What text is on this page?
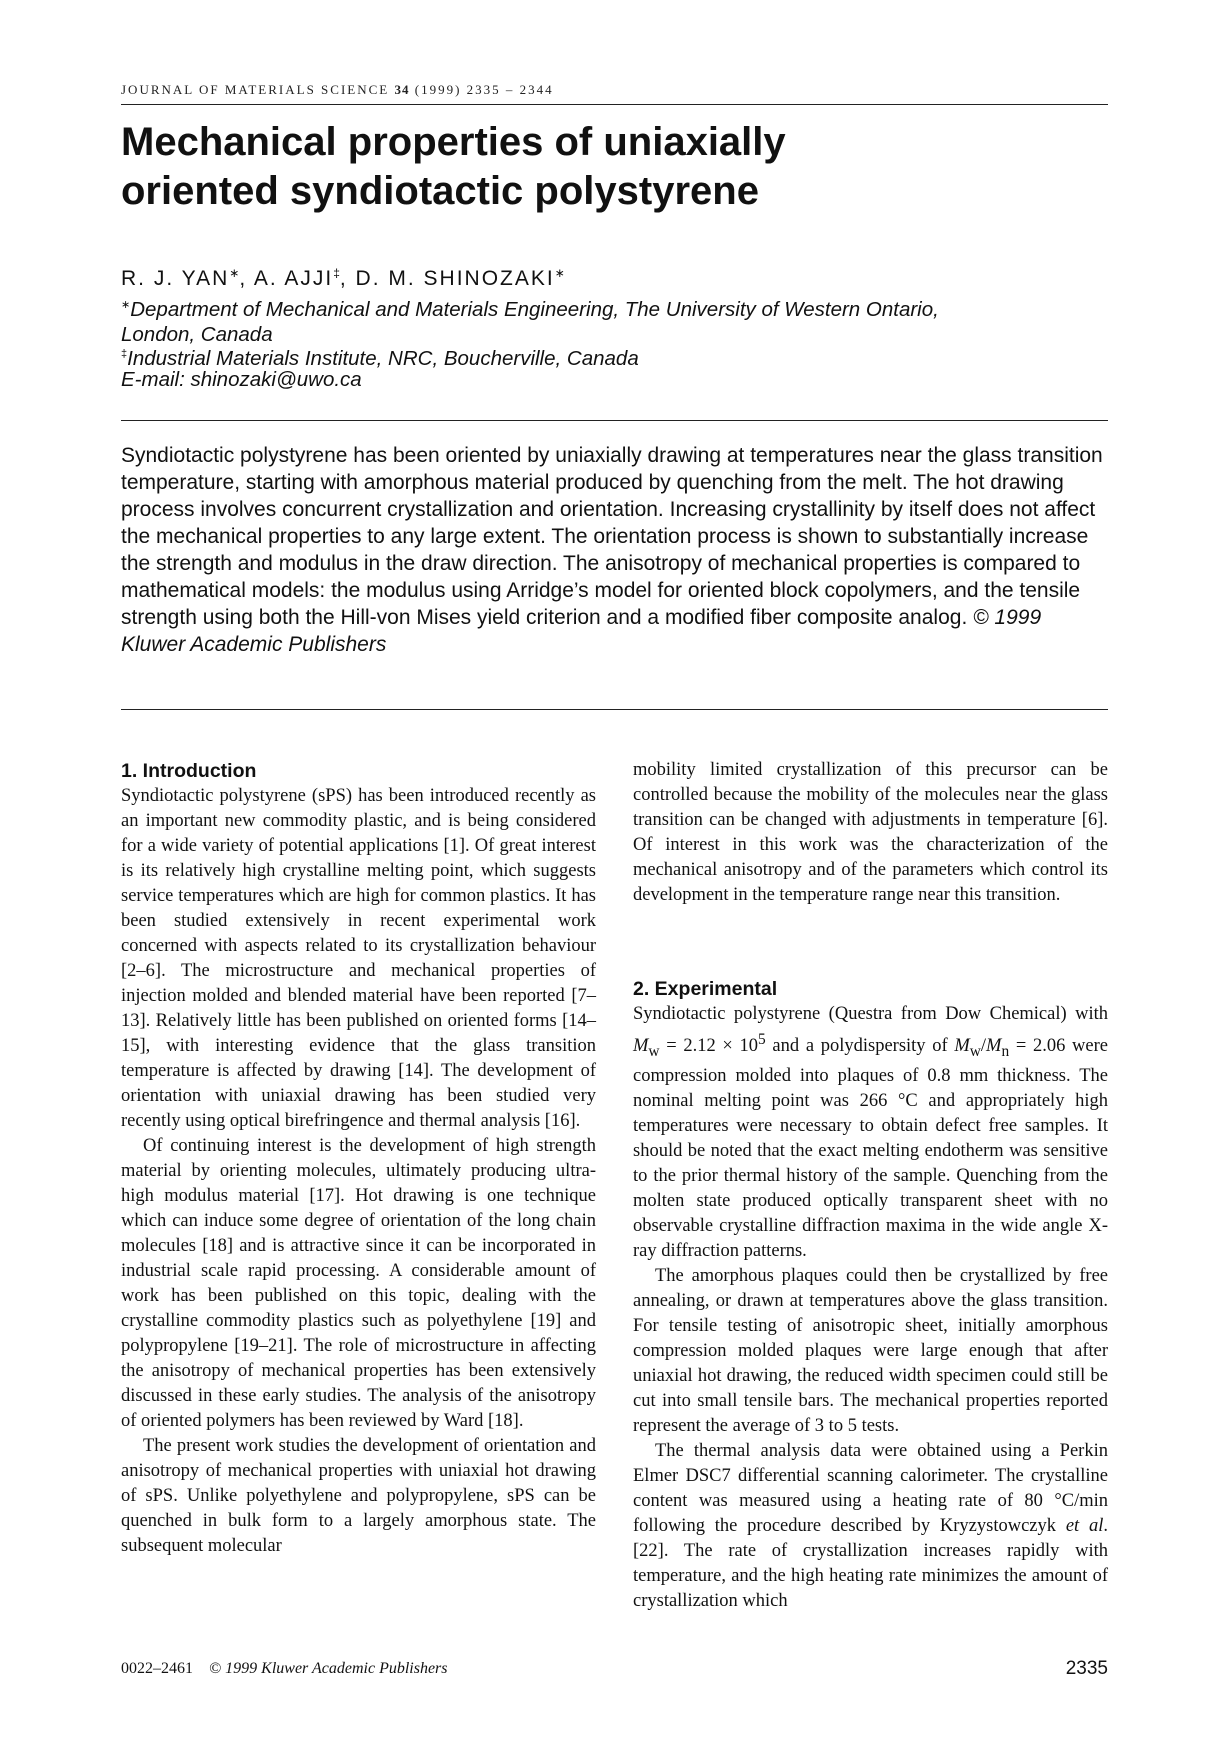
JOURNAL OF MATERIALS SCIENCE 34 (1999) 2335 – 2344
Mechanical properties of uniaxially
oriented syndiotactic polystyrene
R. J. YAN∗, A. AJJI‡, D. M. SHINOZAKI∗
∗Department of Mechanical and Materials Engineering, The University of Western Ontario,
London, Canada
‡Industrial Materials Institute, NRC, Boucherville, Canada
E-mail: shinozaki@uwo.ca

Syndiotactic polystyrene has been oriented by uniaxially drawing at temperatures near the glass transition temperature, starting with amorphous material produced by quenching from the melt. The hot drawing process involves concurrent crystallization and orientation. Increasing crystallinity by itself does not affect the mechanical properties to any large extent. The orientation process is shown to substantially increase the strength and modulus in the draw direction. The anisotropy of mechanical properties is compared to mathematical models: the modulus using Arridge’s model for oriented block copolymers, and the tensile strength using both the Hill-von Mises yield criterion and a modified fiber composite analog. © 1999 Kluwer Academic Publishers

1. Introduction

Syndiotactic polystyrene (sPS) has been introduced recently as an important new commodity plastic, and is being considered for a wide variety of potential applications [1]. Of great interest is its relatively high crystalline melting point, which suggests service temperatures which are high for common plastics. It has been studied extensively in recent experimental work concerned with aspects related to its crystallization behaviour [2–6]. The microstructure and mechanical properties of injection molded and blended material have been reported [7–13]. Relatively little has been published on oriented forms [14–15], with interesting evidence that the glass transition temperature is affected by drawing [14]. The development of orientation with uniaxial drawing has been studied very recently using optical birefringence and thermal analysis [16].

Of continuing interest is the development of high strength material by orienting molecules, ultimately producing ultra-high modulus material [17]. Hot drawing is one technique which can induce some degree of orientation of the long chain molecules [18] and is attractive since it can be incorporated in industrial scale rapid processing. A considerable amount of work has been published on this topic, dealing with the crystalline commodity plastics such as polyethylene [19] and polypropylene [19–21]. The role of microstructure in affecting the anisotropy of mechanical properties has been extensively discussed in these early studies. The analysis of the anisotropy of oriented polymers has been reviewed by Ward [18].

The present work studies the development of orientation and anisotropy of mechanical properties with uniaxial hot drawing of sPS. Unlike polyethylene and polypropylene, sPS can be quenched in bulk form to a largely amorphous state. The subsequent molecular

mobility limited crystallization of this precursor can be controlled because the mobility of the molecules near the glass transition can be changed with adjustments in temperature [6]. Of interest in this work was the characterization of the mechanical anisotropy and of the parameters which control its development in the temperature range near this transition.

2. Experimental

Syndiotactic polystyrene (Questra from Dow Chemical) with $M_w = 2.12 \times 10^5$ and a polydispersity of $M_w/M_n = 2.06$ were compression molded into plaques of 0.8 mm thickness. The nominal melting point was 266 °C and appropriately high temperatures were necessary to obtain defect free samples. It should be noted that the exact melting endotherm was sensitive to the prior thermal history of the sample. Quenching from the molten state produced optically transparent sheet with no observable crystalline diffraction maxima in the wide angle X-ray diffraction patterns.

The amorphous plaques could then be crystallized by free annealing, or drawn at temperatures above the glass transition. For tensile testing of anisotropic sheet, initially amorphous compression molded plaques were large enough that after uniaxial hot drawing, the reduced width specimen could still be cut into small tensile bars. The mechanical properties reported represent the average of 3 to 5 tests.

The thermal analysis data were obtained using a Perkin Elmer DSC7 differential scanning calorimeter. The crystalline content was measured using a heating rate of 80 °C/min following the procedure described by Kryzystowczyk et al. [22]. The rate of crystallization increases rapidly with temperature, and the high heating rate minimizes the amount of crystallization which

0022–2461 © 1999 Kluwer Academic Publishers	2335
